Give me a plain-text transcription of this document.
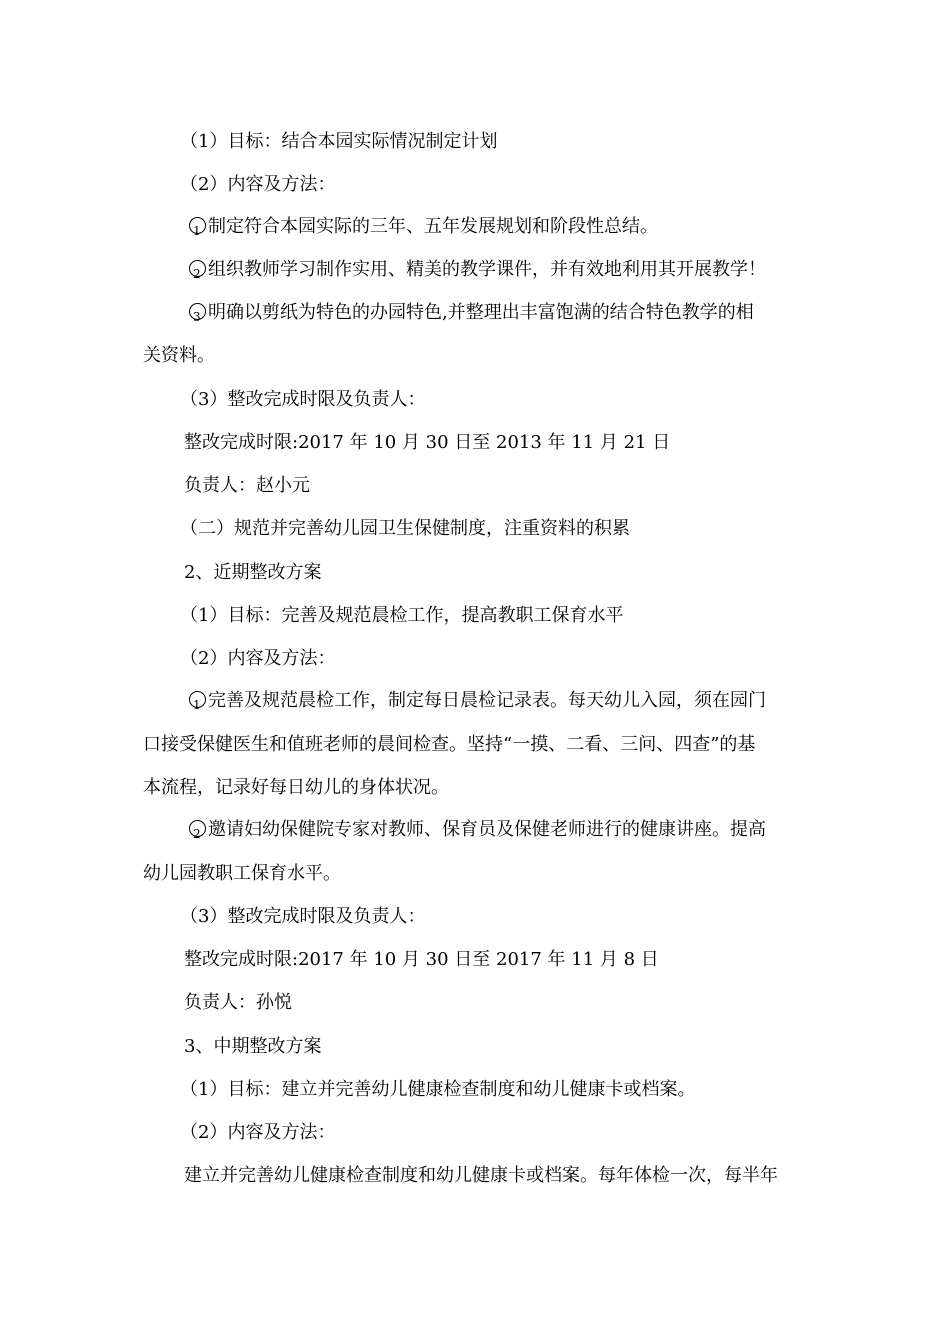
（1）目标：结合本园实际情况制定计划
（2）内容及方法：
1 制定符合本园实际的三年、五年发展规划和阶段性总结。
2 组织教师学习制作实用、精美的教学课件，并有效地利用其开展教学！
3 明确以剪纸为特色的办园特色,并整理出丰富饱满的结合特色教学的相
关资料。
（3）整改完成时限及负责人：
整改完成时限:2017 年 10 月 30 日至 2013 年 11 月 21 日
负责人：赵小元
（二）规范并完善幼儿园卫生保健制度，注重资料的积累
2、近期整改方案
（1）目标：完善及规范晨检工作，提高教职工保育水平
（2）内容及方法：
1 完善及规范晨检工作，制定每日晨检记录表。每天幼儿入园，须在园门
口接受保健医生和值班老师的晨间检查。坚持“一摸、二看、三问、四查”的基
本流程，记录好每日幼儿的身体状况。
2 邀请妇幼保健院专家对教师、保育员及保健老师进行的健康讲座。提高
幼儿园教职工保育水平。
（3）整改完成时限及负责人：
整改完成时限:2017 年 10 月 30 日至 2017 年 11 月 8 日
负责人：孙悦
3、中期整改方案
（1）目标：建立并完善幼儿健康检查制度和幼儿健康卡或档案。
（2）内容及方法：
建立并完善幼儿健康检查制度和幼儿健康卡或档案。每年体检一次，每半年
